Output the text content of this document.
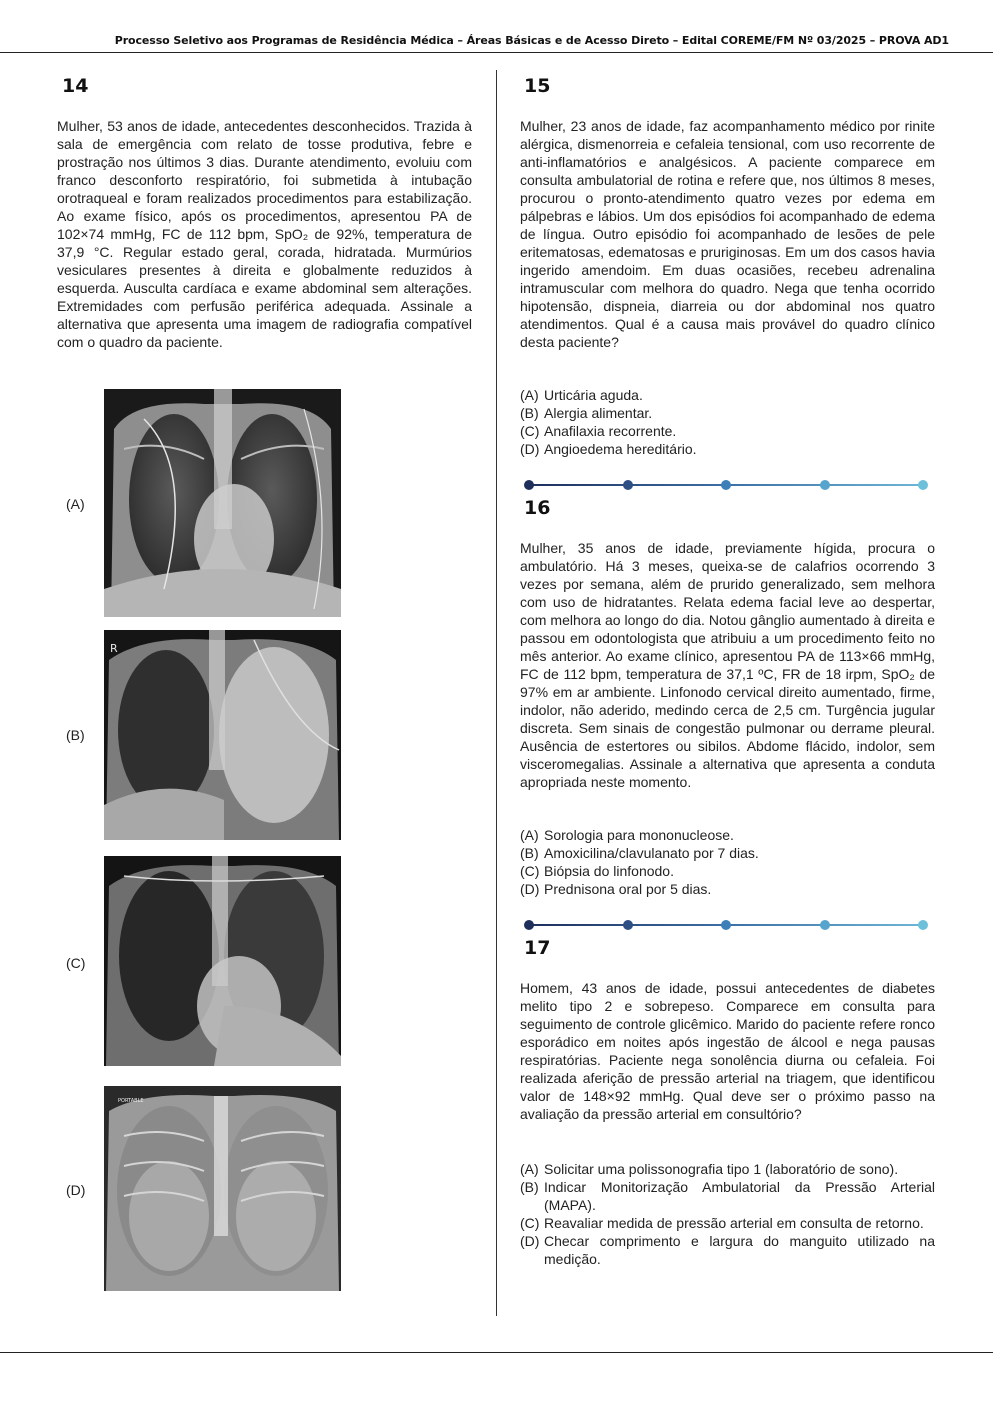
Processo Seletivo aos Programas de Residência Médica – Áreas Básicas e de Acesso Direto – Edital COREME/FM Nº 03/2025 – PROVA AD1
14

Mulher, 53 anos de idade, antecedentes desconhecidos. Trazida à sala de emergência com relato de tosse produtiva, febre e prostração nos últimos 3 dias. Durante atendimento, evoluiu com franco desconforto respiratório, foi submetida à intubação orotraqueal e foram realizados procedimentos para estabilização. Ao exame físico, após os procedimentos, apresentou PA de 102×74 mmHg, FC de 112 bpm, SpO₂ de 92%, temperatura de 37,9 °C. Regular estado geral, corada, hidratada. Murmúrios vesiculares presentes à direita e globalmente reduzidos à esquerda. Ausculta cardíaca e exame abdominal sem alterações. Extremidades com perfusão periférica adequada. Assinale a alternativa que apresenta uma imagem de radiografia compatível com o quadro da paciente.

(A)
(B)
R
(C)
(D)
PORTABLE
15

Mulher, 23 anos de idade, faz acompanhamento médico por rinite alérgica, dismenorreia e cefaleia tensional, com uso recorrente de anti-inflamatórios e analgésicos. A paciente comparece em consulta ambulatorial de rotina e refere que, nos últimos 8 meses, procurou o pronto-atendimento quatro vezes por edema em pálpebras e lábios. Um dos episódios foi acompanhado de edema de língua. Outro episódio foi acompanhado de lesões de pele eritematosas, edematosas e pruriginosas. Em um dos casos havia ingerido amendoim. Em duas ocasiões, recebeu adrenalina intramuscular com melhora do quadro. Nega que tenha ocorrido hipotensão, dispneia, diarreia ou dor abdominal nos quatro atendimentos. Qual é a causa mais provável do quadro clínico desta paciente?

(A) Urticária aguda.
(B) Alergia alimentar.
(C) Anafilaxia recorrente.
(D) Angioedema hereditário.
16

Mulher, 35 anos de idade, previamente hígida, procura o ambulatório. Há 3 meses, queixa-se de calafrios ocorrendo 3 vezes por semana, além de prurido generalizado, sem melhora com uso de hidratantes. Relata edema facial leve ao despertar, com melhora ao longo do dia. Notou gânglio aumentado à direita e passou em odontologista que atribuiu a um procedimento feito no mês anterior. Ao exame clínico, apresentou PA de 113×66 mmHg, FC de 112 bpm, temperatura de 37,1 ºC, FR de 18 irpm, SpO₂ de 97% em ar ambiente. Linfonodo cervical direito aumentado, firme, indolor, não aderido, medindo cerca de 2,5 cm. Turgência jugular discreta. Sem sinais de congestão pulmonar ou derrame pleural. Ausência de estertores ou sibilos. Abdome flácido, indolor, sem visceromegalias. Assinale a alternativa que apresenta a conduta apropriada neste momento.

(A) Sorologia para mononucleose.
(B) Amoxicilina/clavulanato por 7 dias.
(C) Biópsia do linfonodo.
(D) Prednisona oral por 5 dias.
17

Homem, 43 anos de idade, possui antecedentes de diabetes melito tipo 2 e sobrepeso. Comparece em consulta para seguimento de controle glicêmico. Marido do paciente refere ronco esporádico em noites após ingestão de álcool e nega pausas respiratórias. Paciente nega sonolência diurna ou cefaleia. Foi realizada aferição de pressão arterial na triagem, que identificou valor de 148×92 mmHg. Qual deve ser o próximo passo na avaliação da pressão arterial em consultório?

(A) Solicitar uma polissonografia tipo 1 (laboratório de sono).
(B) Indicar Monitorização Ambulatorial da Pressão Arterial (MAPA).
(C) Reavaliar medida de pressão arterial em consulta de retorno.
(D) Checar comprimento e largura do manguito utilizado na medição.
